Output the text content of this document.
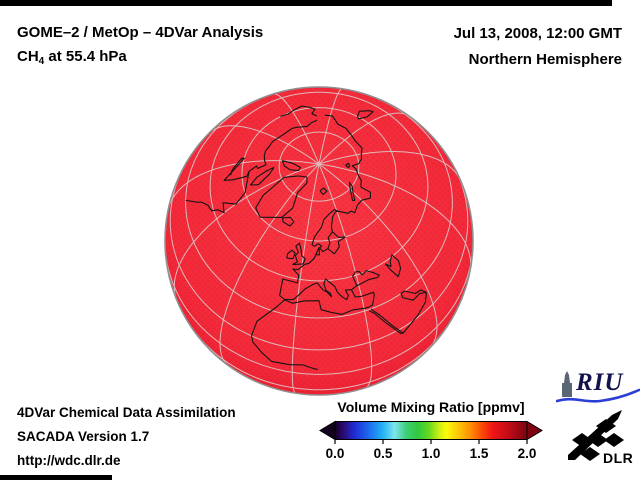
GOME–2 / MetOp – 4DVar Analysis
$CH_4$ at 55.4 hPa
Jul 13, 2008, 12:00 GMT
Northern Hemisphere
4DVar Chemical Data Assimilation
SACADA Version 1.7
http://wdc.dlr.de
Volume Mixing Ratio [ppmv]
0.0 0.5 1.0 1.5 2.0
RIU
DLR
